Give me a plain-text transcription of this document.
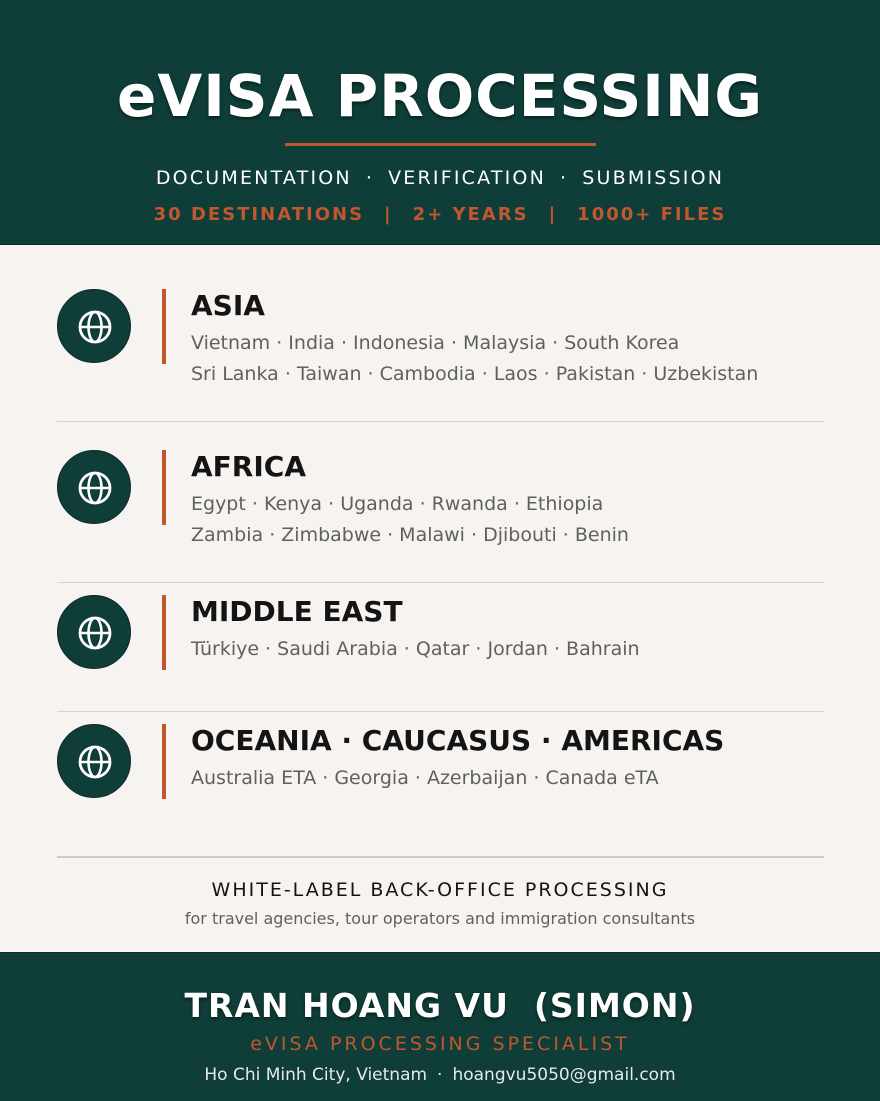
eVISA PROCESSING
DOCUMENTATION · VERIFICATION · SUBMISSION
30 DESTINATIONS | 2+ YEARS | 1000+ FILES
ASIA
Vietnam · India · Indonesia · Malaysia · South Korea
Sri Lanka · Taiwan · Cambodia · Laos · Pakistan · Uzbekistan
AFRICA
Egypt · Kenya · Uganda · Rwanda · Ethiopia
Zambia · Zimbabwe · Malawi · Djibouti · Benin
MIDDLE EAST
Türkiye · Saudi Arabia · Qatar · Jordan · Bahrain
OCEANIA · CAUCASUS · AMERICAS
Australia ETA · Georgia · Azerbaijan · Canada eTA
WHITE-LABEL BACK-OFFICE PROCESSING
for travel agencies, tour operators and immigration consultants
TRAN HOANG VU  (SIMON)
eVISA PROCESSING SPECIALIST
Ho Chi Minh City, Vietnam · hoangvu5050@gmail.com
